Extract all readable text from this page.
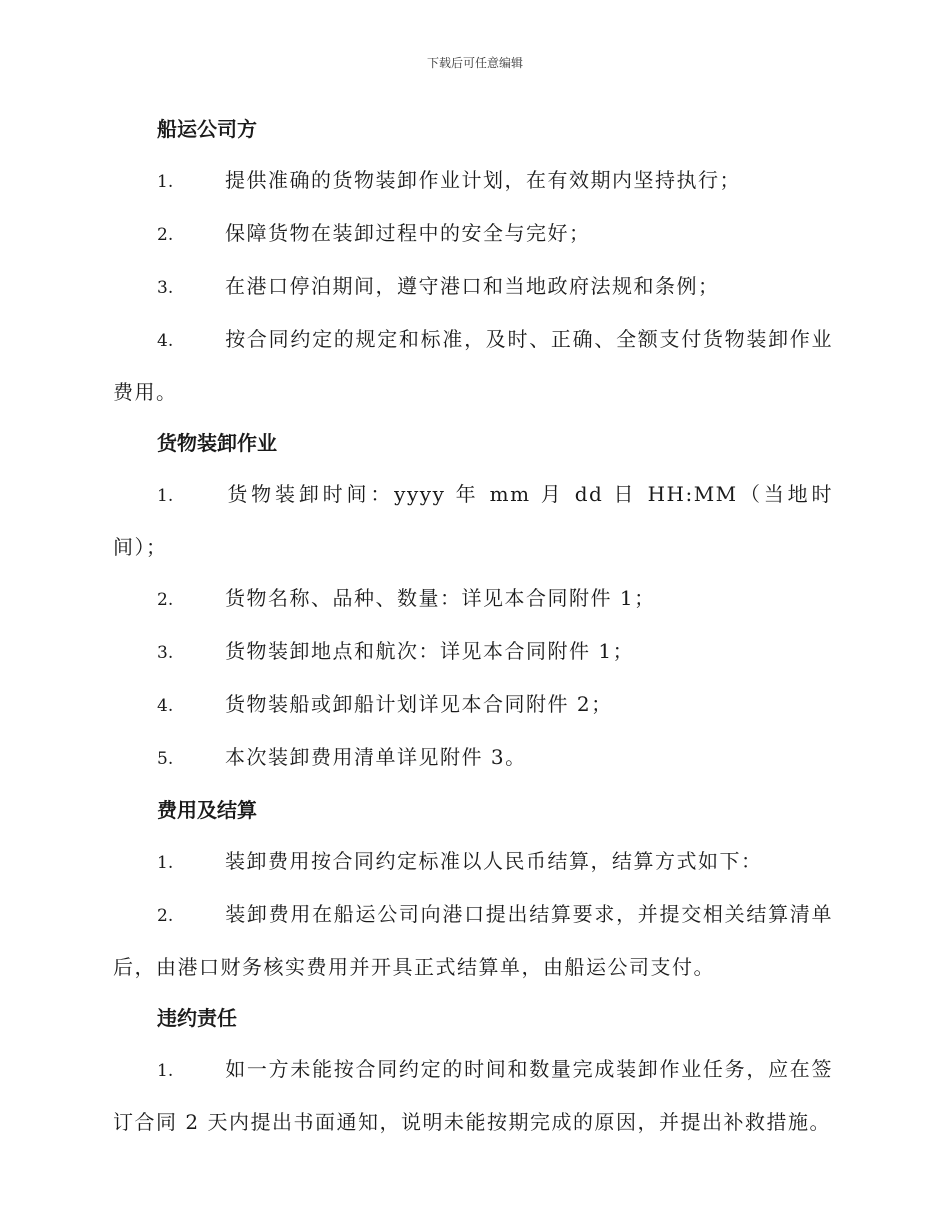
下载后可任意编辑
船运公司方

1.	提供准确的货物装卸作业计划，在有效期内坚持执行；

2.	保障货物在装卸过程中的安全与完好；

3.	在港口停泊期间，遵守港口和当地政府法规和条例；

4.	按合同约定的规定和标准，及时、正确、全额支付货物装卸作业费用。

货物装卸作业

1.	货物装卸时间：yyyy 年 mm 月 dd 日 HH:MM（当地时间）；

2.	货物名称、品种、数量：详见本合同附件 1；

3.	货物装卸地点和航次：详见本合同附件 1；

4.	货物装船或卸船计划详见本合同附件 2；

5.	本次装卸费用清单详见附件 3。

费用及结算

1.	装卸费用按合同约定标准以人民币结算，结算方式如下：

2.	装卸费用在船运公司向港口提出结算要求，并提交相关结算清单后，由港口财务核实费用并开具正式结算单，由船运公司支付。

违约责任

1.	如一方未能按合同约定的时间和数量完成装卸作业任务，应在签订合同 2 天内提出书面通知，说明未能按期完成的原因，并提出补救措施。
